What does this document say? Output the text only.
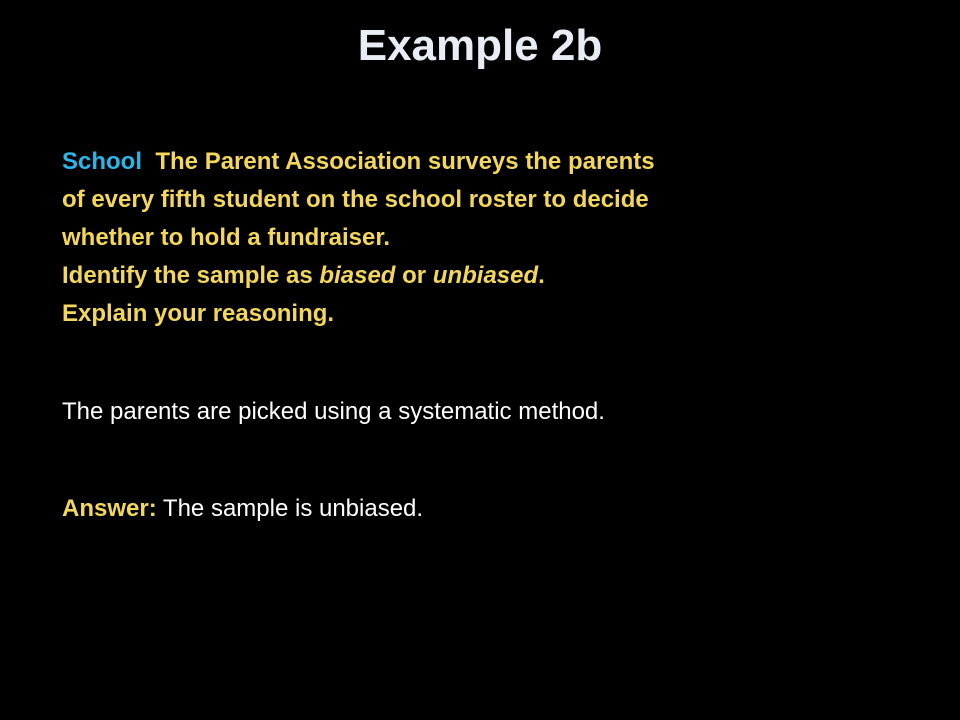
Example 2b
School The Parent Association surveys the parents
of every fifth student on the school roster to decide
whether to hold a fundraiser.
Identify the sample as biased or unbiased.
Explain your reasoning.
The parents are picked using a systematic method.
Answer: The sample is unbiased.
